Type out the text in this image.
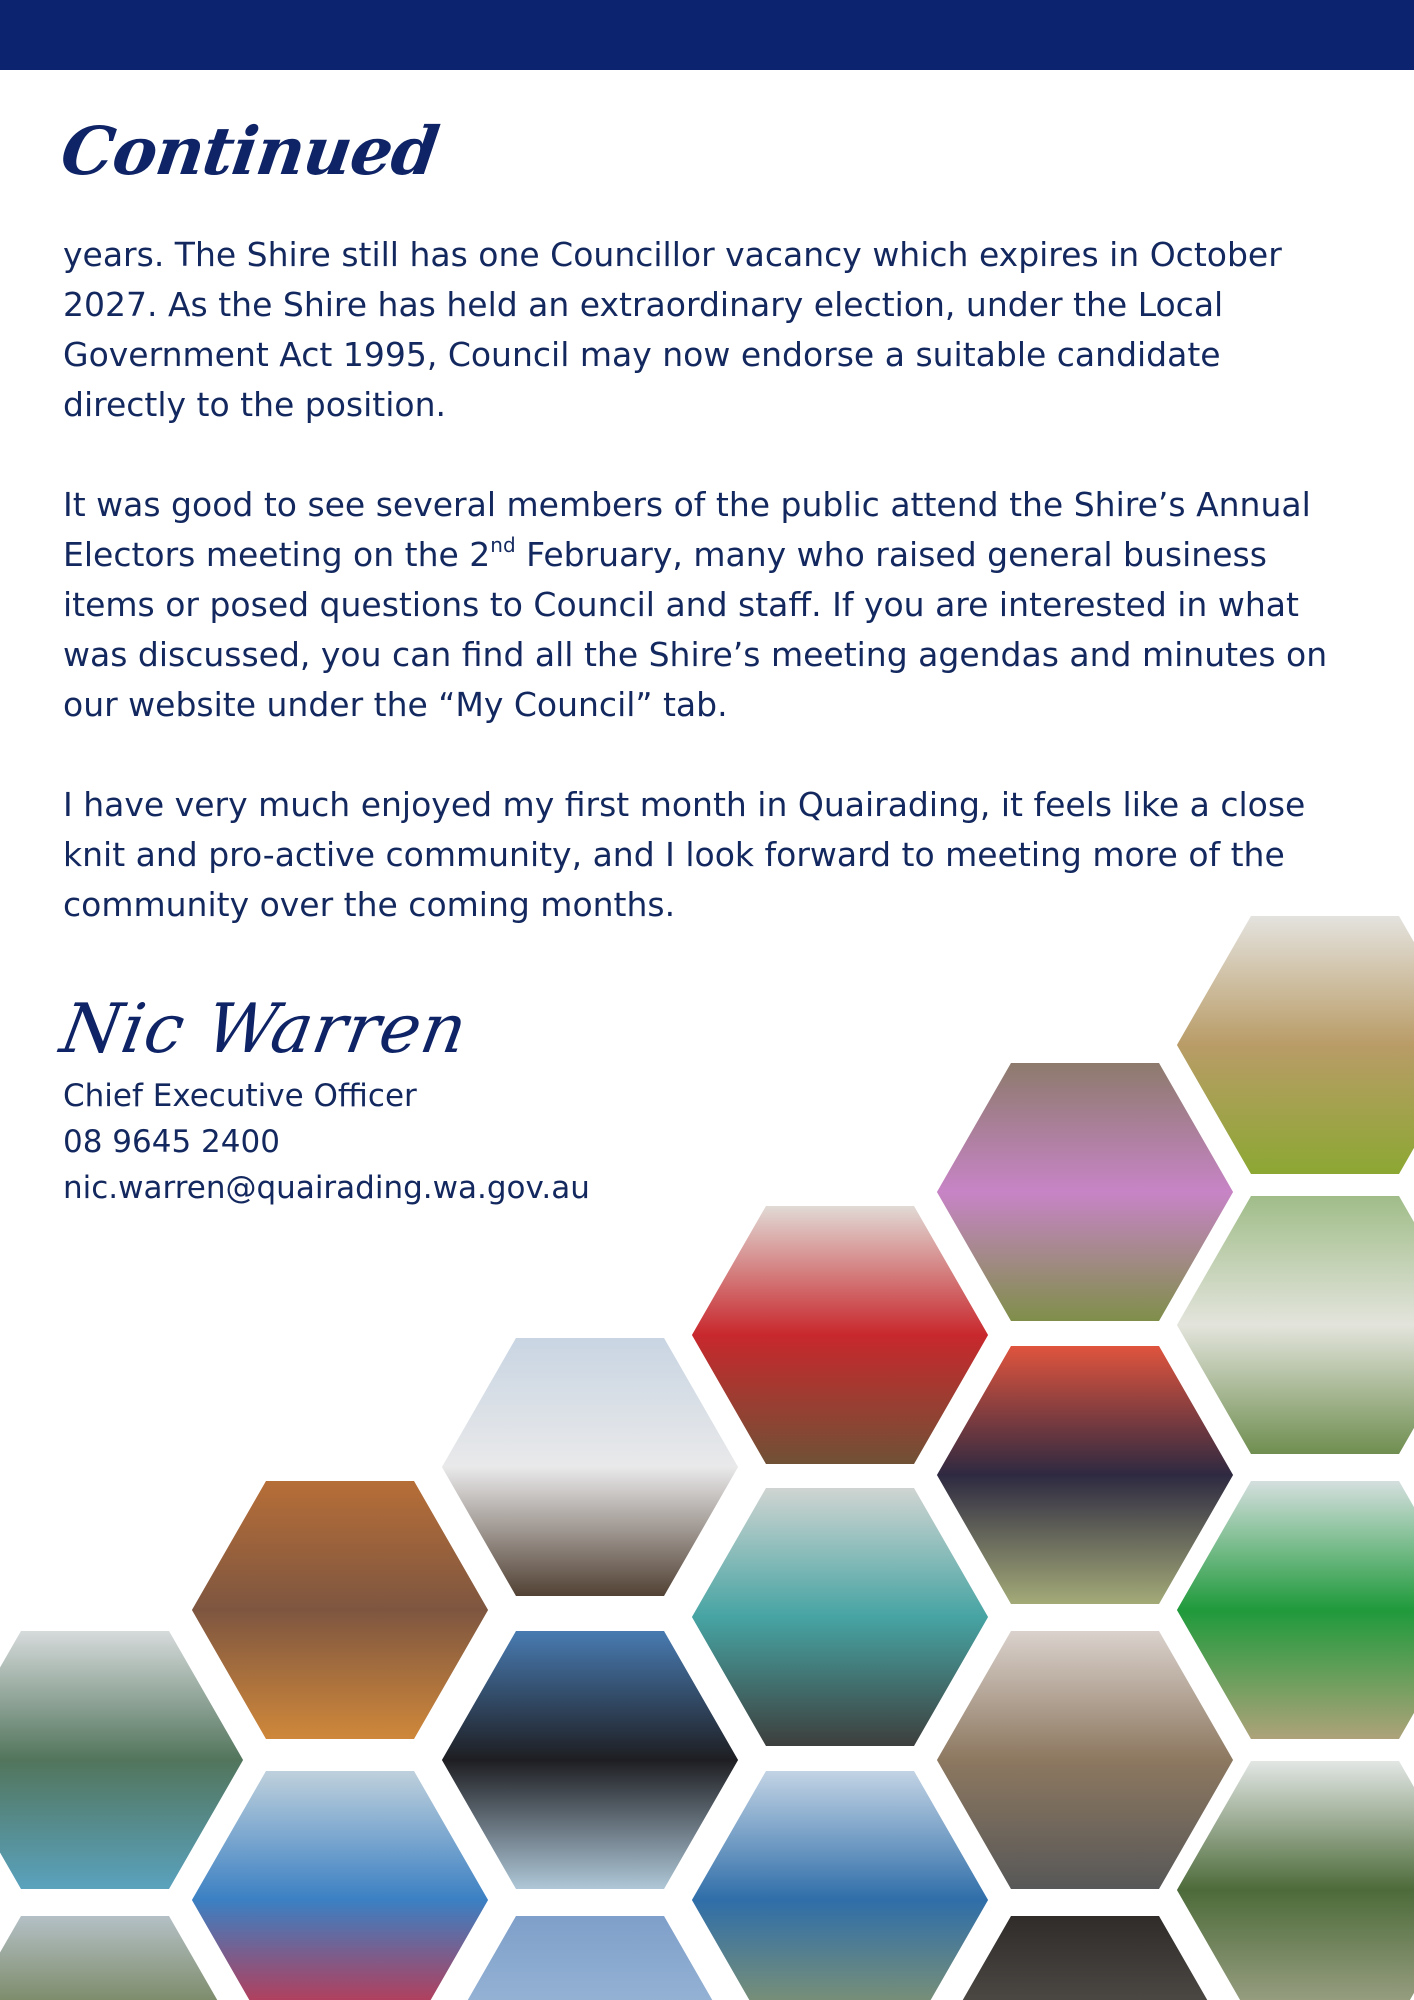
Continued

years. The Shire still has one Councillor vacancy which expires in October 2027. As the Shire has held an extraordinary election, under the Local Government Act 1995, Council may now endorse a suitable candidate directly to the position.

It was good to see several members of the public attend the Shire’s Annual Electors meeting on the 2nd February, many who raised general business items or posed questions to Council and staff. If you are interested in what was discussed, you can find all the Shire’s meeting agendas and minutes on our website under the “My Council” tab.

I have very much enjoyed my first month in Quairading, it feels like a close knit and pro-active community, and I look forward to meeting more of the community over the coming months.

Nic Warren
Chief Executive Officer
08 9645 2400
nic.warren@quairading.wa.gov.au
